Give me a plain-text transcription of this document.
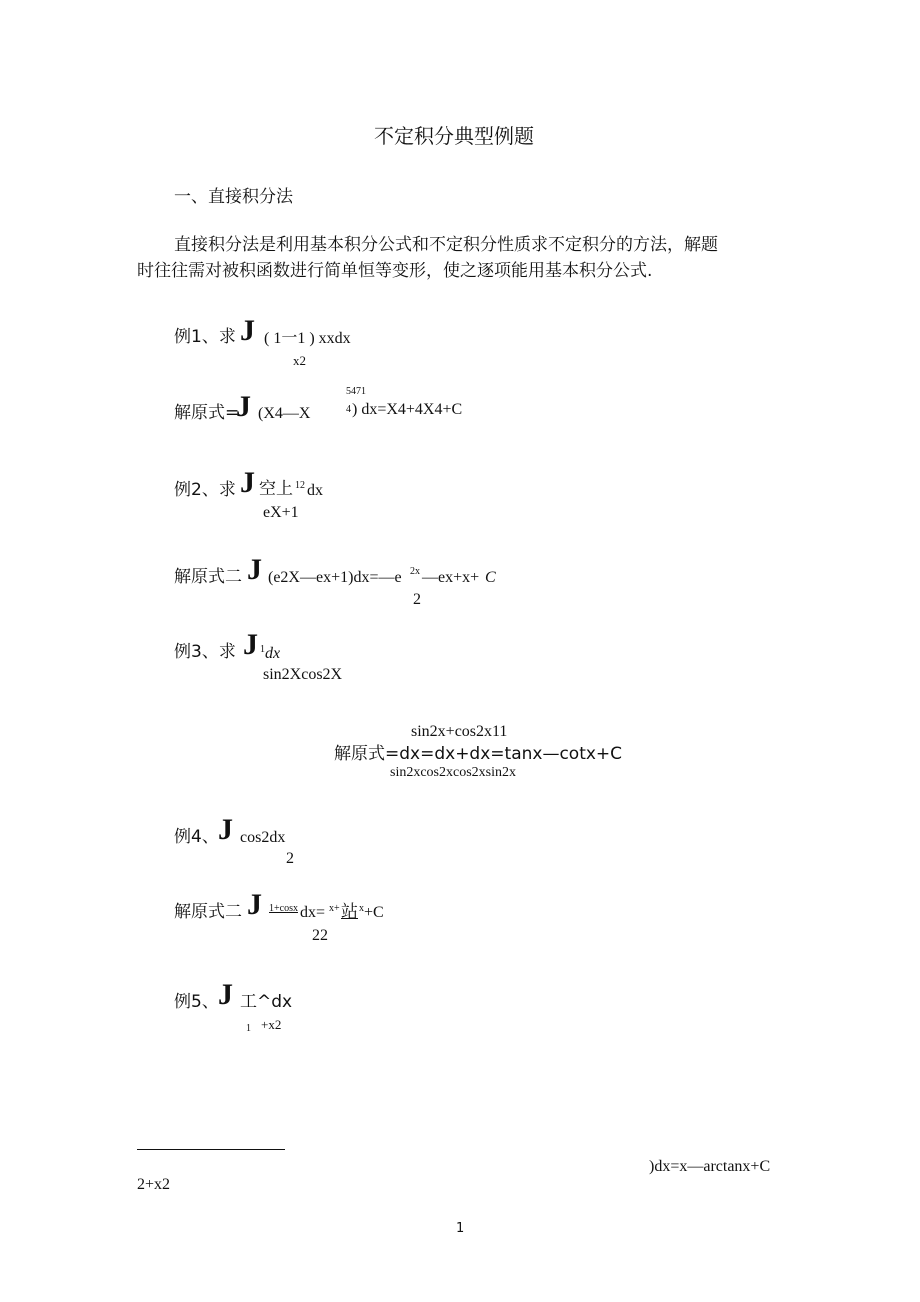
不定积分典型例题
一、直接积分法
直接积分法是利用基本积分公式和不定积分性质求不定积分的方法，解题
时往往需对被积函数进行简单恒等变形，使之逐项能用基本积分公式.
例1、求 J ( 1一1 ) xxdx
x2
解原式=
J (X4—X
5471
4 ) dx=X4+4X4+C
例2、求 J 空上 12 dx
eX+1
解原式二 J (e2X—ex+1)dx=—e 2x —ex+x+ C
2
例3、求 J 1 dx
sin2Xcos2X
sin2x+cos2x11
解原式=dx=dx+dx=tanx—cotx+C
sin2xcos2xcos2xsin2x
例4、 J cos2dx
2
解原式二 J 1+cosx dx= x+ 站 x +C
22
例5、 J 工^dx
1 +x2
)dx=x—arctanx+C
2+x2
1
